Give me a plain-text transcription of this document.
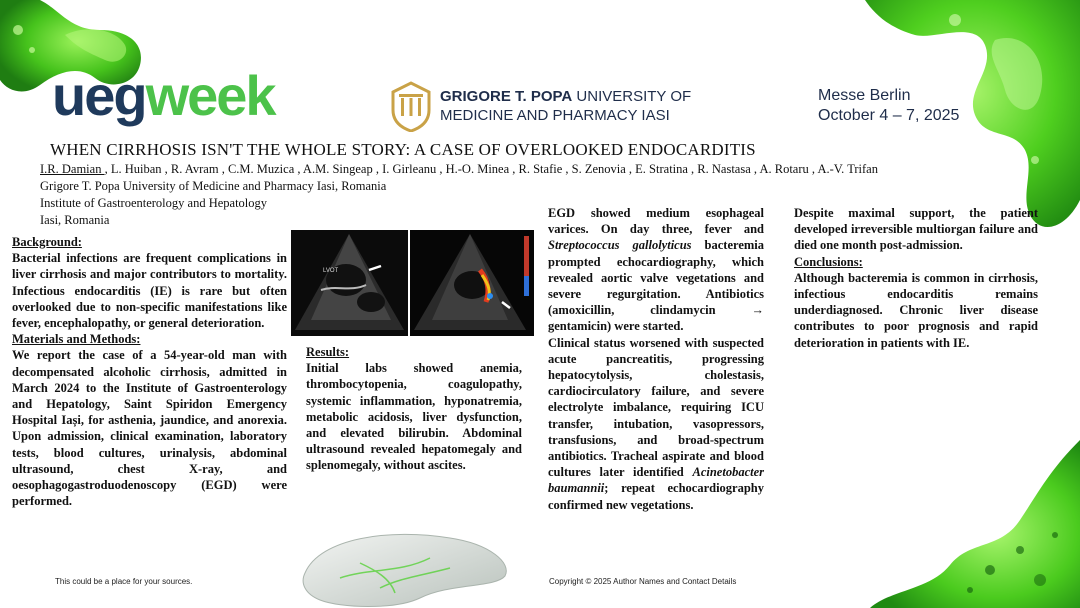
uegweek	GRIGORE T. POPA UNIVERSITY OF
MEDICINE AND PHARMACY IASI
Messe Berlin
October 4 – 7, 2025
WHEN CIRRHOSIS ISN'T THE WHOLE STORY: A CASE OF OVERLOOKED ENDOCARDITIS
I.R. Damian , L. Huiban , R. Avram , C.M. Muzica , A.M. Singeap , I. Girleanu , H.-O. Minea , R. Stafie , S. Zenovia , E. Stratina , R. Nastasa , A. Rotaru , A.-V. Trifan
Grigore T. Popa University of Medicine and Pharmacy Iasi, Romania
Institute of Gastroenterology and Hepatology
Iasi, Romania
Background:

Bacterial infections are frequent complications in liver cirrhosis and major contributors to mortality. Infectious endocarditis (IE) is rare but often overlooked due to non-specific manifestations like fever, encephalopathy, or general deterioration.

Materials and Methods:

We report the case of a 54-year-old man with decompensated alcoholic cirrhosis, admitted in March 2024 to the Institute of Gastroenterology and Hepatology, Saint Spiridon Emergency Hospital Iași, for asthenia, jaundice, and anorexia. Upon admission, clinical examination, laboratory tests, blood cultures, urinalysis, abdominal ultrasound, chest X-ray, and oesophagogastroduodenoscopy (EGD) were performed.

LVOT
Results:

Initial labs showed anemia, thrombocytopenia, coagulopathy, systemic inflammation, hyponatremia, metabolic acidosis, liver dysfunction, and elevated bilirubin. Abdominal ultrasound revealed hepatomegaly and splenomegaly, without ascites.

EGD showed medium esophageal varices. On day three, fever and Streptococcus gallolyticus bacteremia prompted echocardiography, which revealed aortic valve vegetations and severe regurgitation. Antibiotics (amoxicillin, clindamycin → gentamicin) were started.

Clinical status worsened with suspected acute pancreatitis, progressing hepatocytolysis, cholestasis, cardiocirculatory failure, and severe electrolyte imbalance, requiring ICU transfer, intubation, vasopressors, transfusions, and broad-spectrum antibiotics. Tracheal aspirate and blood cultures later identified Acinetobacter baumannii; repeat echocardiography confirmed new vegetations.

Despite maximal support, the patient developed irreversible multiorgan failure and died one month post-admission.

Conclusions:

Although bacteremia is common in cirrhosis, infectious endocarditis remains underdiagnosed. Chronic liver disease contributes to poor prognosis and rapid deterioration in patients with IE.

This could be a place for your sources.	Copyright © 2025 Author Names and Contact Details
